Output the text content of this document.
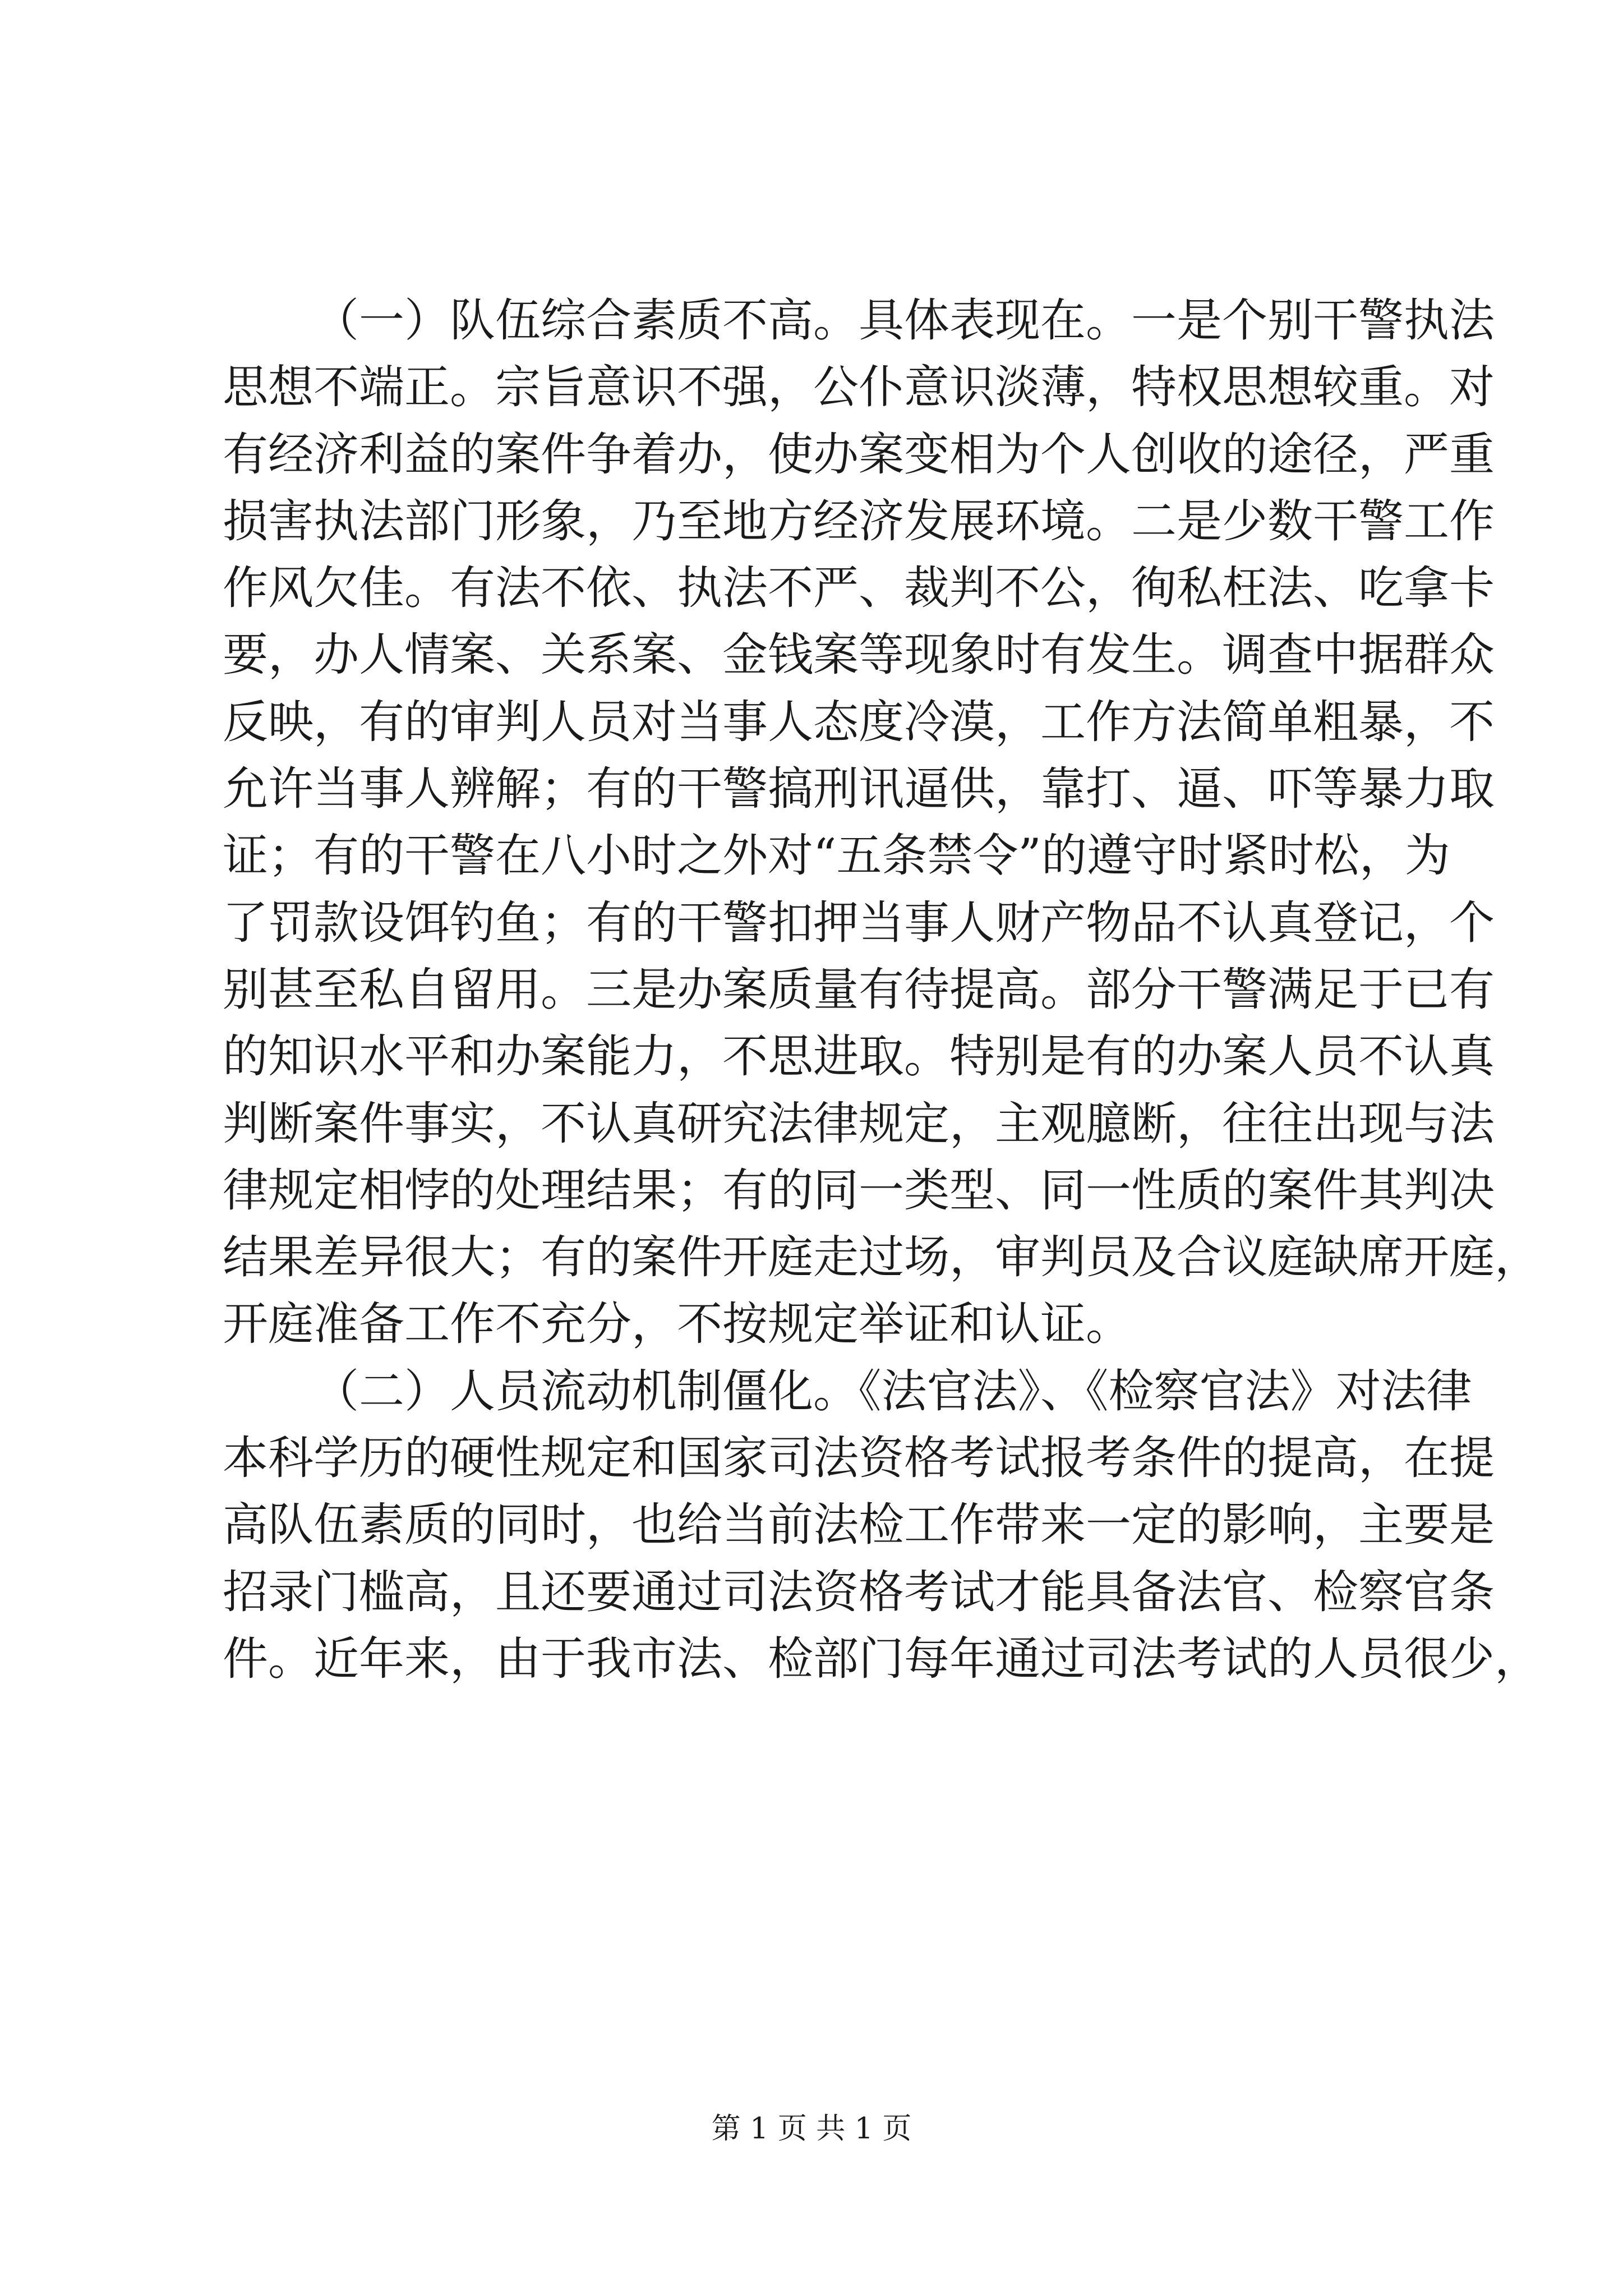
（一）队伍综合素质不高。具体表现在。一是个别干警执法
思想不端正。宗旨意识不强，公仆意识淡薄，特权思想较重。对
有经济利益的案件争着办，使办案变相为个人创收的途径，严重
损害执法部门形象，乃至地方经济发展环境。二是少数干警工作
作风欠佳。有法不依、执法不严、裁判不公，徇私枉法、吃拿卡
要，办人情案、关系案、金钱案等现象时有发生。调查中据群众
反映，有的审判人员对当事人态度冷漠，工作方法简单粗暴，不
允许当事人辨解；有的干警搞刑讯逼供，靠打、逼、吓等暴力取
证；有的干警在八小时之外对“五条禁令”的遵守时紧时松，为
了罚款设饵钓鱼；有的干警扣押当事人财产物品不认真登记，个
别甚至私自留用。三是办案质量有待提高。部分干警满足于已有
的知识水平和办案能力，不思进取。特别是有的办案人员不认真
判断案件事实，不认真研究法律规定，主观臆断，往往出现与法
律规定相悖的处理结果；有的同一类型、同一性质的案件其判决
结果差异很大；有的案件开庭走过场，审判员及合议庭缺席开庭，
开庭准备工作不充分，不按规定举证和认证。
（二）人员流动机制僵化。《法官法》、《检察官法》对法律
本科学历的硬性规定和国家司法资格考试报考条件的提高，在提
高队伍素质的同时，也给当前法检工作带来一定的影响，主要是
招录门槛高，且还要通过司法资格考试才能具备法官、检察官条
件。近年来，由于我市法、检部门每年通过司法考试的人员很少，
第 1 页 共 1 页
